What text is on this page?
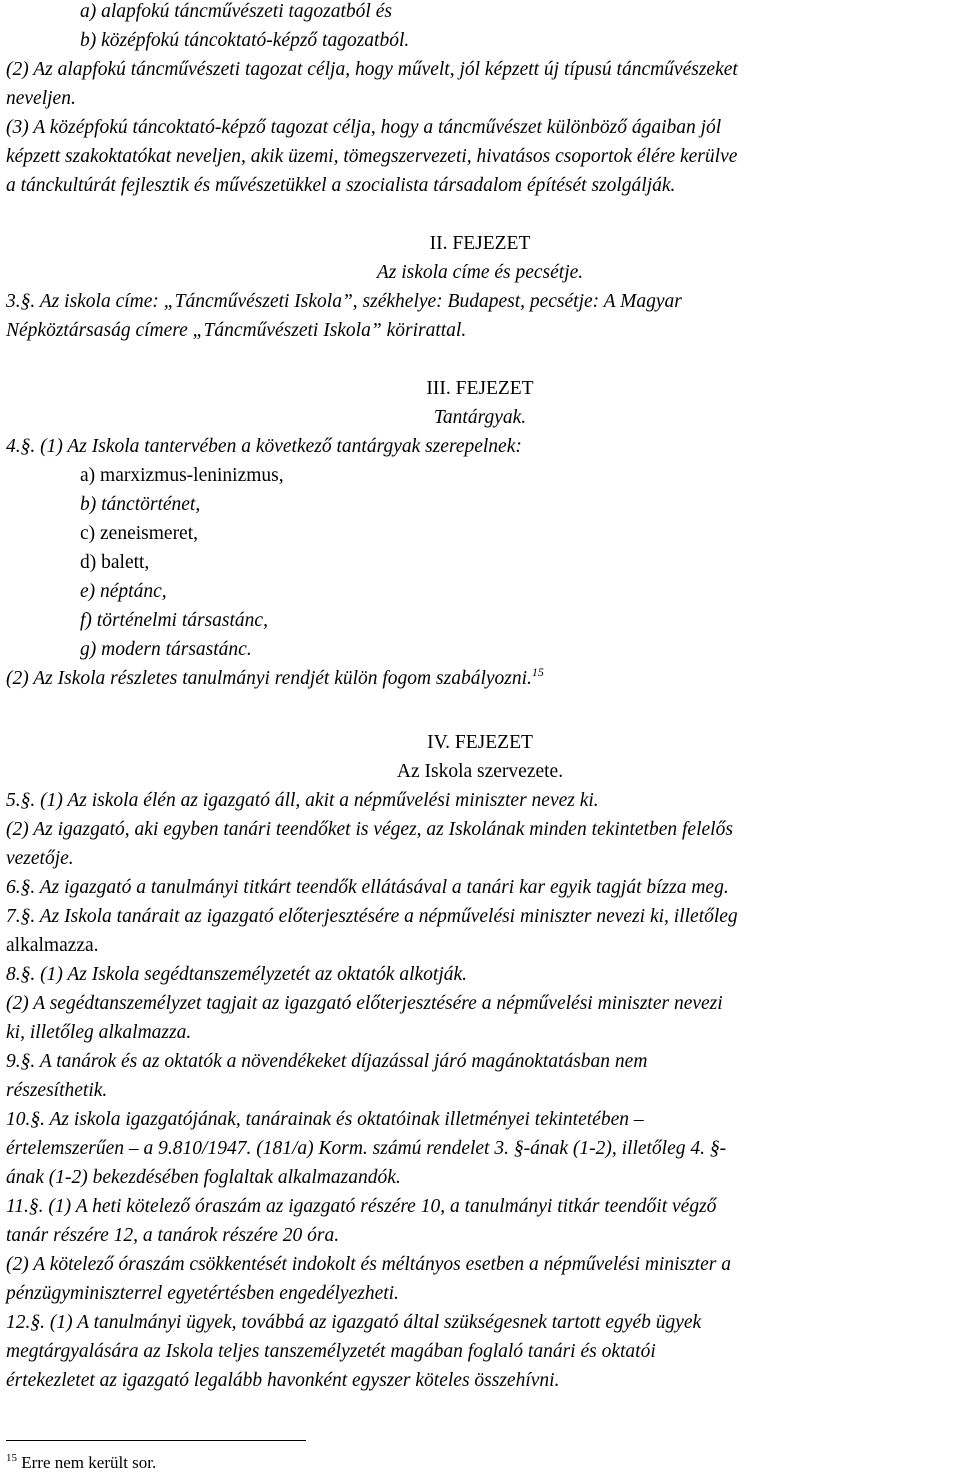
a) alapfokú táncművészeti tagozatból és
b) középfokú táncoktató-képző tagozatból.
(2) Az alapfokú táncművészeti tagozat célja, hogy művelt, jól képzett új típusú táncművészeket
neveljen.
(3) A középfokú táncoktató-képző tagozat célja, hogy a táncművészet különböző ágaiban jól
képzett szakoktatókat neveljen, akik üzemi, tömegszervezeti, hivatásos csoportok élére kerülve
a tánckultúrát fejlesztik és művészetükkel a szocialista társadalom építését szolgálják.
II. FEJEZET
Az iskola címe és pecsétje.
3.§. Az iskola címe: „Táncművészeti Iskola”, székhelye: Budapest, pecsétje: A Magyar
Népköztársaság címere „Táncművészeti Iskola” körirattal.
III. FEJEZET
Tantárgyak.
4.§. (1) Az Iskola tantervében a következő tantárgyak szerepelnek:
a) marxizmus-leninizmus,
b) tánctörténet,
c) zeneismeret,
d) balett,
e) néptánc,
f) történelmi társastánc,
g) modern társastánc.
(2) Az Iskola részletes tanulmányi rendjét külön fogom szabályozni.$^{15}$
IV. FEJEZET
Az Iskola szervezete.
5.§. (1) Az iskola élén az igazgató áll, akit a népművelési miniszter nevez ki.
(2) Az igazgató, aki egyben tanári teendőket is végez, az Iskolának minden tekintetben felelős
vezetője.
6.§. Az igazgató a tanulmányi titkárt teendők ellátásával a tanári kar egyik tagját bízza meg.
7.§. Az Iskola tanárait az igazgató előterjesztésére a népművelési miniszter nevezi ki, illetőleg
alkalmazza.
8.§. (1) Az Iskola segédtanszemélyzetét az oktatók alkotják.
(2) A segédtanszemélyzet tagjait az igazgató előterjesztésére a népművelési miniszter nevezi
ki, illetőleg alkalmazza.
9.§. A tanárok és az oktatók a növendékeket díjazással járó magánoktatásban nem
részesíthetik.
10.§. Az iskola igazgatójának, tanárainak és oktatóinak illetményei tekintetében –
értelemszerűen – a 9.810/1947. (181/a) Korm. számú rendelet 3. §-ának (1-2), illetőleg 4. §-
ának (1-2) bekezdésében foglaltak alkalmazandók.
11.§. (1) A heti kötelező óraszám az igazgató részére 10, a tanulmányi titkár teendőit végző
tanár részére 12, a tanárok részére 20 óra.
(2) A kötelező óraszám csökkentését indokolt és méltányos esetben a népművelési miniszter a
pénzügyminiszterrel egyetértésben engedélyezheti.
12.§. (1) A tanulmányi ügyek, továbbá az igazgató által szükségesnek tartott egyéb ügyek
megtárgyalására az Iskola teljes tanszemélyzetét magában foglaló tanári és oktatói
értekezletet az igazgató legalább havonként egyszer köteles összehívni.
$^{15}$ Erre nem került sor.
